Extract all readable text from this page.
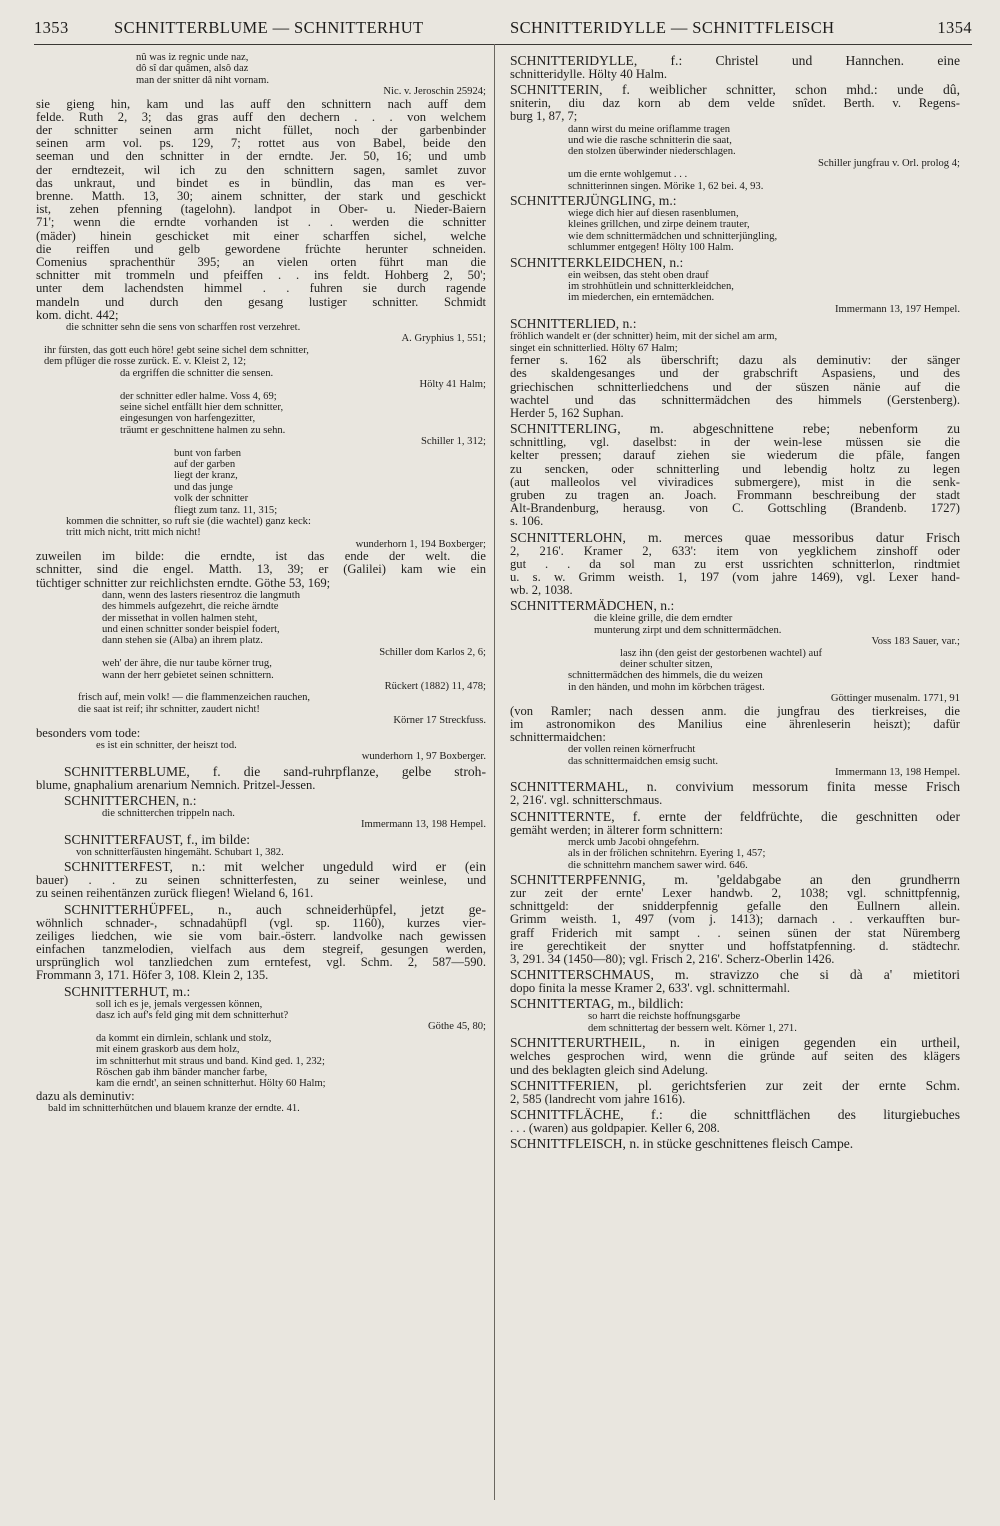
1353	SCHNITTERBLUME — SCHNITTERHUT	SCHNITTERIDYLLE — SCHNITTFLEISCH	1354

nû was iz regnic unde naz,

dô sî dar quâmen, alsô daz

man der snitter dâ niht vornam.

Nic. v. Jeroschin 25924;

sie gieng hin, kam und las auff den schnittern nach auff dem

felde. Ruth 2, 3; das gras auff den dechern . . . von welchem

der schnitter seinen arm nicht füllet, noch der garbenbinder

seinen arm vol. ps. 129, 7; rottet aus von Babel, beide den

seeman und den schnitter in der erndte. Jer. 50, 16; und umb

der erndtezeit, wil ich zu den schnittern sagen, samlet zuvor

das unkraut, und bindet es in bündlin, das man es ver-

brenne. Matth. 13, 30; ainem schnitter, der stark und geschickt

ist, zehen pfenning (tagelohn). landpot in Ober- u. Nieder-Baiern

71'; wenn die erndte vorhanden ist . . werden die schnitter

(mäder) hinein geschicket mit einer scharffen sichel, welche

die reiffen und gelb gewordene früchte herunter schneiden.

Comenius sprachenthür 395; an vielen orten führt man die

schnitter mit trommeln und pfeiffen . . ins feldt. Hohberg 2, 50';

unter dem lachendsten himmel . . fuhren sie durch ragende

mandeln und durch den gesang lustiger schnitter. Schmidt

kom. dicht. 442;

die schnitter sehn die sens von scharffen rost verzehret.

A. Gryphius 1, 551;

ihr fürsten, das gott euch höre! gebt seine sichel dem schnitter,

dem pflüger die rosse zurück. E. v. Kleist 2, 12;

da ergriffen die schnitter die sensen.

Hölty 41 Halm;

der schnitter edler halme. Voss 4, 69;

seine sichel entfällt hier dem schnitter,

eingesungen von harfengezitter,

träumt er geschnittene halmen zu sehn.

Schiller 1, 312;

bunt von farben

auf der garben

liegt der kranz,

und das junge

volk der schnitter

fliegt zum tanz. 11, 315;

kommen die schnitter, so ruft sie (die wachtel) ganz keck:

tritt mich nicht, tritt mich nicht!

wunderhorn 1, 194 Boxberger;

zuweilen im bilde: die erndte, ist das ende der welt. die

schnitter, sind die engel. Matth. 13, 39; er (Galilei) kam wie ein

tüchtiger schnitter zur reichlichsten erndte. Göthe 53, 169;

dann, wenn des lasters riesentroz die langmuth

des himmels aufgezehrt, die reiche ärndte

der missethat in vollen halmen steht,

und einen schnitter sonder beispiel fodert,

dann stehen sie (Alba) an ihrem platz.

Schiller dom Karlos 2, 6;

weh' der ähre, die nur taube körner trug,

wann der herr gebietet seinen schnittern.

Rückert (1882) 11, 478;

frisch auf, mein volk! — die flammenzeichen rauchen,

die saat ist reif; ihr schnitter, zaudert nicht!

Körner 17 Streckfuss.

besonders vom tode:

es ist ein schnitter, der heiszt tod.

wunderhorn 1, 97 Boxberger.

SCHNITTERBLUME, f. die sand-ruhrpflanze, gelbe stroh-

blume, gnaphalium arenarium Nemnich. Pritzel-Jessen.

SCHNITTERCHEN, n.:

die schnitterchen trippeln nach.

Immermann 13, 198 Hempel.

SCHNITTERFAUST, f., im bilde:

von schnitterfäusten hingemäht. Schubart 1, 382.

SCHNITTERFEST, n.: mit welcher ungeduld wird er (ein

bauer) . . zu seinen schnitterfesten, zu seiner weinlese, und

zu seinen reihentänzen zurück fliegen! Wieland 6, 161.

SCHNITTERHÜPFEL, n., auch schneiderhüpfel, jetzt ge-

wöhnlich schnader-, schnadahüpfl (vgl. sp. 1160), kurzes vier-

zeiliges liedchen, wie sie vom bair.-österr. landvolke nach gewissen

einfachen tanzmelodien, vielfach aus dem stegreif, gesungen werden,

ursprünglich wol tanzliedchen zum erntefest, vgl. Schm. 2, 587—590.

Frommann 3, 171. Höfer 3, 108. Klein 2, 135.

SCHNITTERHUT, m.:

soll ich es je, jemals vergessen können,

dasz ich auf's feld ging mit dem schnitterhut?

Göthe 45, 80;

da kommt ein dirnlein, schlank und stolz,

mit einem graskorb aus dem holz,

im schnitterhut mit straus und band. Kind ged. 1, 232;

Röschen gab ihm bänder mancher farbe,

kam die erndt', an seinen schnitterhut. Hölty 60 Halm;

dazu als deminutiv:

bald im schnitterhütchen und blauem kranze der erndte. 41.

SCHNITTERIDYLLE, f.: Christel und Hannchen. eine

schnitteridylle. Hölty 40 Halm.

SCHNITTERIN, f. weiblicher schnitter, schon mhd.: unde dû,

sniterin, diu daz korn ab dem velde snîdet. Berth. v. Regens-

burg 1, 87, 7;

dann wirst du meine oriflamme tragen

und wie die rasche schnitterin die saat,

den stolzen überwinder niederschlagen.

Schiller jungfrau v. Orl. prolog 4;

um die ernte wohlgemut . . .

schnitterinnen singen. Mörike 1, 62 bei. 4, 93.

SCHNITTERJÜNGLING, m.:

wiege dich hier auf diesen rasenblumen,

kleines grillchen, und zirpe deinem trauter,

wie dem schnittermädchen und schnitterjüngling,

schlummer entgegen! Hölty 100 Halm.

SCHNITTERKLEIDCHEN, n.:

ein weibsen, das steht oben drauf

im strohhütlein und schnitterkleidchen,

im miederchen, ein erntemädchen.

Immermann 13, 197 Hempel.

SCHNITTERLIED, n.:

fröhlich wandelt er (der schnitter) heim, mit der sichel am arm,

singet ein schnitterlied. Hölty 67 Halm;

ferner s. 162 als überschrift; dazu als deminutiv: der sänger

des skaldengesanges und der grabschrift Aspasiens, und des

griechischen schnitterliedchens und der süszen nänie auf die

wachtel und das schnittermädchen des himmels (Gerstenberg).

Herder 5, 162 Suphan.

SCHNITTERLING, m. abgeschnittene rebe; nebenform zu

schnittling, vgl. daselbst: in der wein-lese müssen sie die

kelter pressen; darauf ziehen sie wiederum die pfäle, fangen

zu sencken, oder schnitterling und lebendig holtz zu legen

(aut malleolos vel viviradices submergere), mist in die senk-

gruben zu tragen an. Joach. Frommann beschreibung der stadt

Alt-Brandenburg, herausg. von C. Gottschling (Brandenb. 1727)

s. 106.

SCHNITTERLOHN, m. merces quae messoribus datur Frisch

2, 216'. Kramer 2, 633': item von yegklichem zinshoff oder

gut . . da sol man zu erst ussrichten schnitterlon, rindtmiet

u. s. w. Grimm weisth. 1, 197 (vom jahre 1469), vgl. Lexer hand-

wb. 2, 1038.

SCHNITTERMÄDCHEN, n.:

die kleine grille, die dem erndter

munterung zirpt und dem schnittermädchen.

Voss 183 Sauer, var.;

lasz ihn (den geist der gestorbenen wachtel) auf

deiner schulter sitzen,

schnittermädchen des himmels, die du weizen

in den händen, und mohn im körbchen trägest.

Göttinger musenalm. 1771, 91

(von Ramler; nach dessen anm. die jungfrau des tierkreises, die

im astronomikon des Manilius eine ährenleserin heiszt); dafür

schnittermaidchen:

der vollen reinen körnerfrucht

das schnittermaidchen emsig sucht.

Immermann 13, 198 Hempel.

SCHNITTERMAHL, n. convivium messorum finita messe Frisch

2, 216'. vgl. schnitterschmaus.

SCHNITTERNTE, f. ernte der feldfrüchte, die geschnitten oder

gemäht werden; in älterer form schnittern:

merck umb Jacobi ohngefehrn.

als in der frölichen schnitehrn. Eyering 1, 457;

die schnittehrn manchem sawer wird. 646.

SCHNITTERPFENNIG, m. 'geldabgabe an den grundherrn

zur zeit der ernte' Lexer handwb. 2, 1038; vgl. schnittpfennig,

schnittgeld: der snidderpfennig gefalle den Eullnern allein.

Grimm weisth. 1, 497 (vom j. 1413); darnach . . verkaufften bur-

graff Friderich mit sampt . . seinen sünen der stat Nüremberg

ire gerechtikeit der snytter und hoffstatpfenning. d. städtechr.

3, 291. 34 (1450—80); vgl. Frisch 2, 216'. Scherz-Oberlin 1426.

SCHNITTERSCHMAUS, m. stravizzo che si dà a' mietitori

dopo finita la messe Kramer 2, 633'. vgl. schnittermahl.

SCHNITTERTAG, m., bildlich:

so harrt die reichste hoffnungsgarbe

dem schnittertag der bessern welt. Körner 1, 271.

SCHNITTERURTHEIL, n. in einigen gegenden ein urtheil,

welches gesprochen wird, wenn die gründe auf seiten des klägers

und des beklagten gleich sind Adelung.

SCHNITTFERIEN, pl. gerichtsferien zur zeit der ernte Schm.

2, 585 (landrecht vom jahre 1616).

SCHNITTFLÄCHE, f.: die schnittflächen des liturgiebuches

. . . (waren) aus goldpapier. Keller 6, 208.

SCHNITTFLEISCH, n. in stücke geschnittenes fleisch Campe.
